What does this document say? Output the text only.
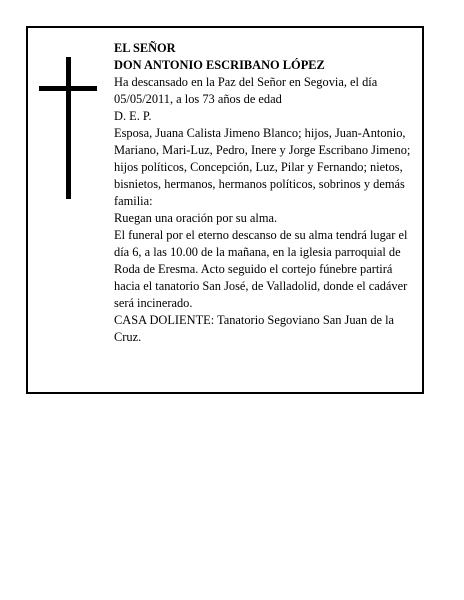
EL SEÑOR

DON ANTONIO ESCRIBANO LÓPEZ

Ha descansado en la Paz del Señor en Segovia, el día 05/05/2011, a los 73 años de edad

D. E. P.

Esposa, Juana Calista Jimeno Blanco; hijos, Juan-Antonio, Mariano, Mari-Luz, Pedro, Inere y Jorge Escribano Jimeno; hijos políticos, Concepción, Luz, Pilar y Fernando; nietos, bisnietos, hermanos, hermanos políticos, sobrinos y demás familia:

Ruegan una oración por su alma.

El funeral por el eterno descanso de su alma tendrá lugar el día 6, a las 10.00 de la mañana, en la iglesia parroquial de Roda de Eresma. Acto seguido el cortejo fúnebre partirá hacia el tanatorio San José, de Valladolid, donde el cadáver será incinerado.

CASA DOLIENTE: Tanatorio Segoviano San Juan de la Cruz.
